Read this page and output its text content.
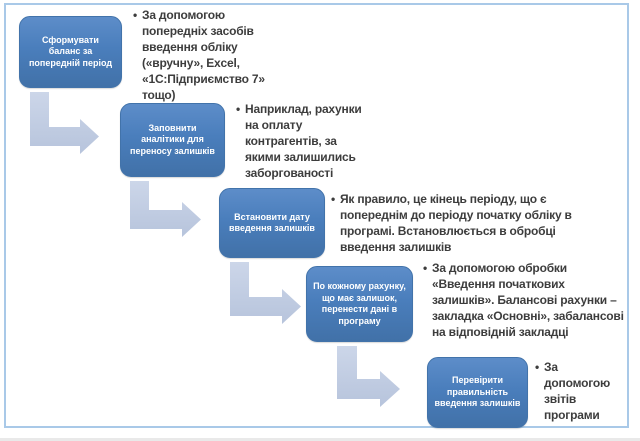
Сформувати баланс за попередній період
Заповнити аналітики для переносу залишків
Встановити дату введення залишків
По кожному рахунку, що має залишок, перенести дані в програму
Перевірити правильність введення залишків
• За допомогою попередніх засобів введення обліку («вручну», Excel, «1С:Підприємство 7» тощо)
• Наприклад, рахунки на оплату контрагентів, за якими залишились заборгованості
• Як правило, це кінець періоду, що є попереднім до періоду початку обліку в програмі. Встановлюється в обробці введення залишків
• За допомогою обробки «Введення початкових залишків». Балансові рахунки – закладка «Основні», забалансові на відповідній закладці
• За допомогою звітів програми
